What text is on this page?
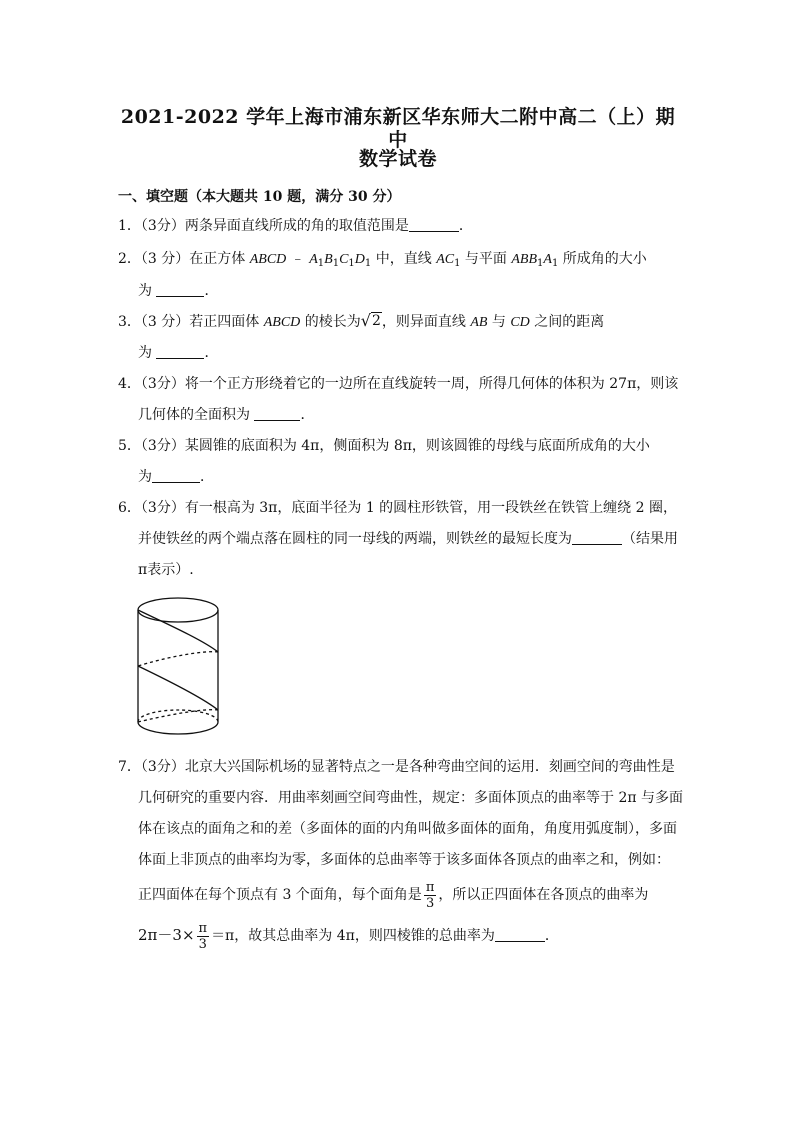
2021-2022 学年上海市浦东新区华东师大二附中高二（上）期中
数学试卷
一、填空题（本大题共 10 题，满分 30 分）
1．（3分）两条异面直线所成的角的取值范围是	．
2．（3 分）在正方体 ABCD ﹣ $A_1B_1C_1D_1$ 中，直线 $AC_1$ 与平面 $ABB_1A_1$ 所成角的大小
为	．
3．（3 分）若正四面体 ABCD 的棱长为 √ 2 ，则异面直线 AB 与 CD 之间的距离
为	．
4．（3分）将一个正方形绕着它的一边所在直线旋转一周，所得几何体的体积为 27π，则该
几何体的全面积为	．
5．（3分）某圆锥的底面积为 4π，侧面积为 8π，则该圆锥的母线与底面所成角的大小
为	．
6．（3分）有一根高为 3π，底面半径为 1 的圆柱形铁管，用一段铁丝在铁管上缠绕 2 圈，
并使铁丝的两个端点落在圆柱的同一母线的两端，则铁丝的最短长度为	（结果用
π表示）.
7．（3分）北京大兴国际机场的显著特点之一是各种弯曲空间的运用．刻画空间的弯曲性是
几何研究的重要内容．用曲率刻画空间弯曲性，规定：多面体顶点的曲率等于 2π 与多面
体在该点的面角之和的差（多面体的面的内角叫做多面体的面角，角度用弧度制），多面
体面上非顶点的曲率均为零，多面体的总曲率等于该多面体各顶点的曲率之和，例如：
正四面体在每个顶点有 3 个面角，每个面角是 $\frac{\pi}{3}$ ，所以正四面体在各顶点的曲率为
$2\pi-3\times \frac{\pi}{3} =\pi$，故其总曲率为 4π，则四棱锥的总曲率为	．
